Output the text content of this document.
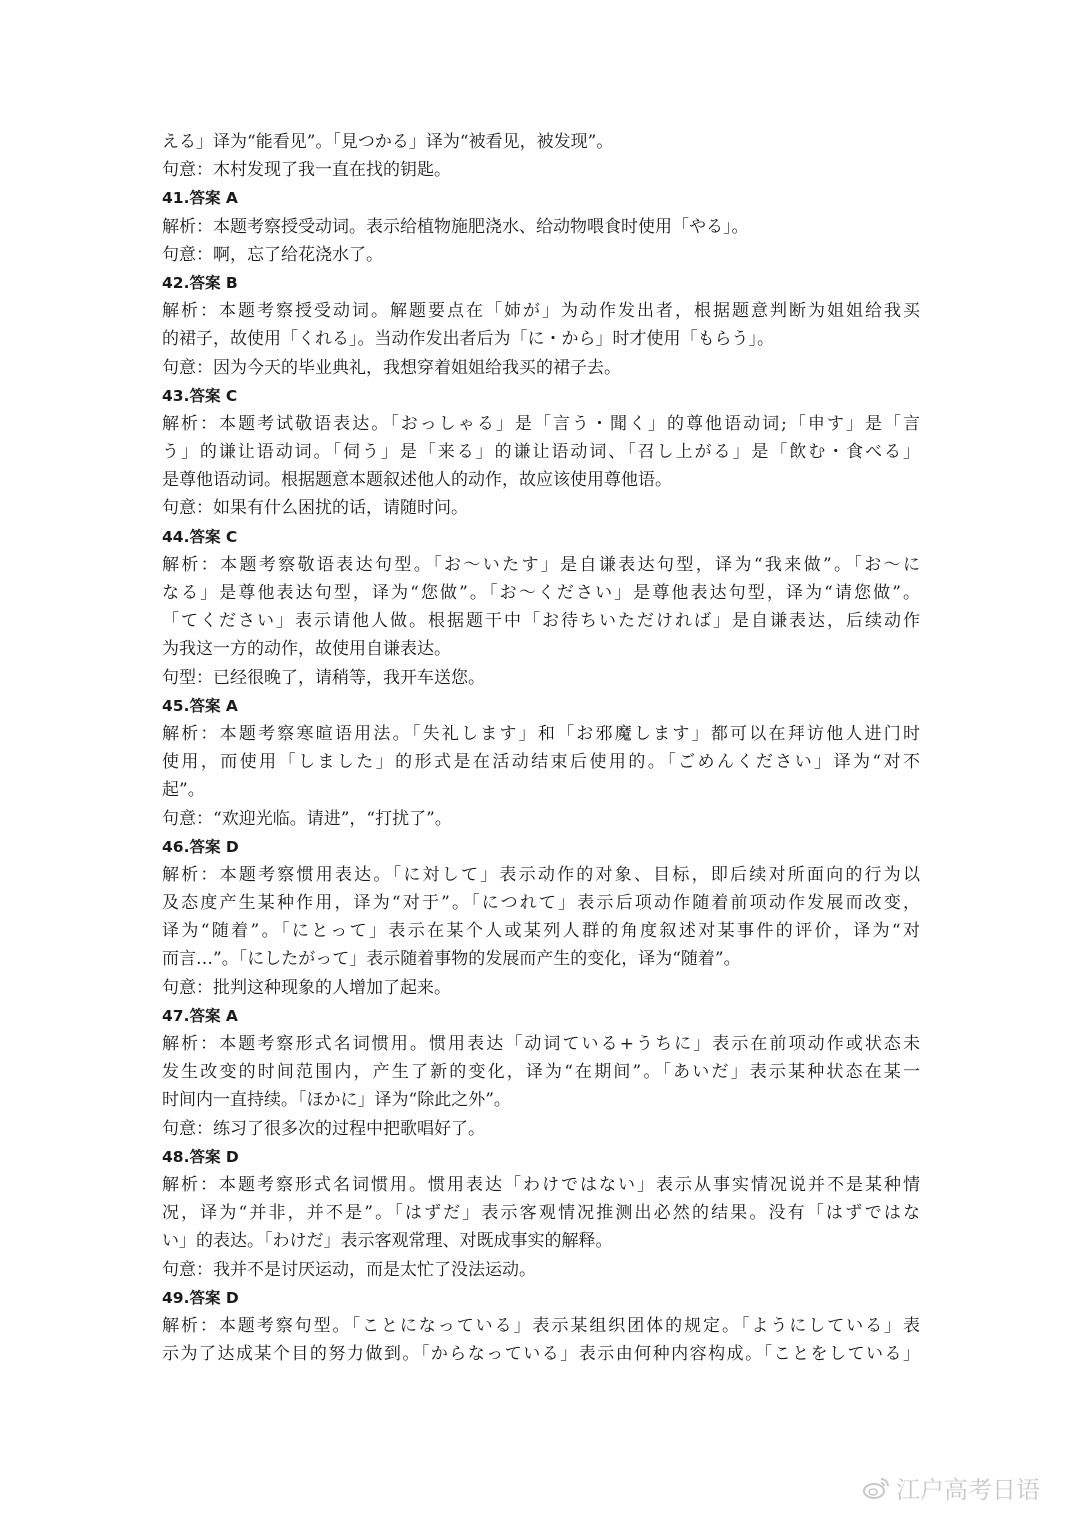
える」译为“能看见”。「見つかる」译为“被看见，被发现”。
句意：木村发现了我一直在找的钥匙。
41.答案 A
解析：本题考察授受动词。表示给植物施肥浇水、给动物喂食时使用「やる」。
句意：啊，忘了给花浇水了。
42.答案 B
解析：本题考察授受动词。解题要点在「姉が」为动作发出者，根据题意判断为姐姐给我买
的裙子，故使用「くれる」。当动作发出者后为「に・から」时才使用「もらう」。
句意：因为今天的毕业典礼，我想穿着姐姐给我买的裙子去。
43.答案 C
解析：本题考试敬语表达。「おっしゃる」是「言う・聞く」的尊他语动词;「申す」是「言
う」的谦让语动词。「伺う」是「来る」的谦让语动词、「召し上がる」是「飲む・食べる」
是尊他语动词。根据题意本题叙述他人的动作，故应该使用尊他语。
句意：如果有什么困扰的话，请随时问。
44.答案 C
解析：本题考察敬语表达句型。「お～いたす」是自谦表达句型，译为“我来做”。「お～に
なる」是尊他表达句型，译为“您做”。「お～ください」是尊他表达句型，译为“请您做”。
「てください」表示请他人做。根据题干中「お待ちいただければ」是自谦表达，后续动作
为我这一方的动作，故使用自谦表达。
句型：已经很晚了，请稍等，我开车送您。
45.答案 A
解析：本题考察寒暄语用法。「失礼します」和「お邪魔します」都可以在拜访他人进门时
使用，而使用「しました」的形式是在活动结束后使用的。「ごめんください」译为“对不
起”。
句意：“欢迎光临。请进”，“打扰了”。
46.答案 D
解析：本题考察惯用表达。「に対して」表示动作的对象、目标，即后续对所面向的行为以
及态度产生某种作用，译为“对于”。「につれて」表示后项动作随着前项动作发展而改变，
译为“随着”。「にとって」表示在某个人或某列人群的角度叙述对某事件的评价，译为“对
而言…”。「にしたがって」表示随着事物的发展而产生的变化，译为“随着”。
句意：批判这种现象的人增加了起来。
47.答案 A
解析：本题考察形式名词惯用。惯用表达「动词ている+うちに」表示在前项动作或状态未
发生改变的时间范围内，产生了新的变化，译为“在期间”。「あいだ」表示某种状态在某一
时间内一直持续。「ほかに」译为“除此之外”。
句意：练习了很多次的过程中把歌唱好了。
48.答案 D
解析：本题考察形式名词惯用。惯用表达「わけではない」表示从事实情况说并不是某种情
况，译为“并非，并不是”。「はずだ」表示客观情况推测出必然的结果。没有「はずではな
い」的表达。「わけだ」表示客观常理、对既成事实的解释。
句意：我并不是讨厌运动，而是太忙了没法运动。
49.答案 D
解析：本题考察句型。「ことになっている」表示某组织团体的规定。「ようにしている」表
示为了达成某个目的努力做到。「からなっている」表示由何种内容构成。「ことをしている」
江户高考日语
